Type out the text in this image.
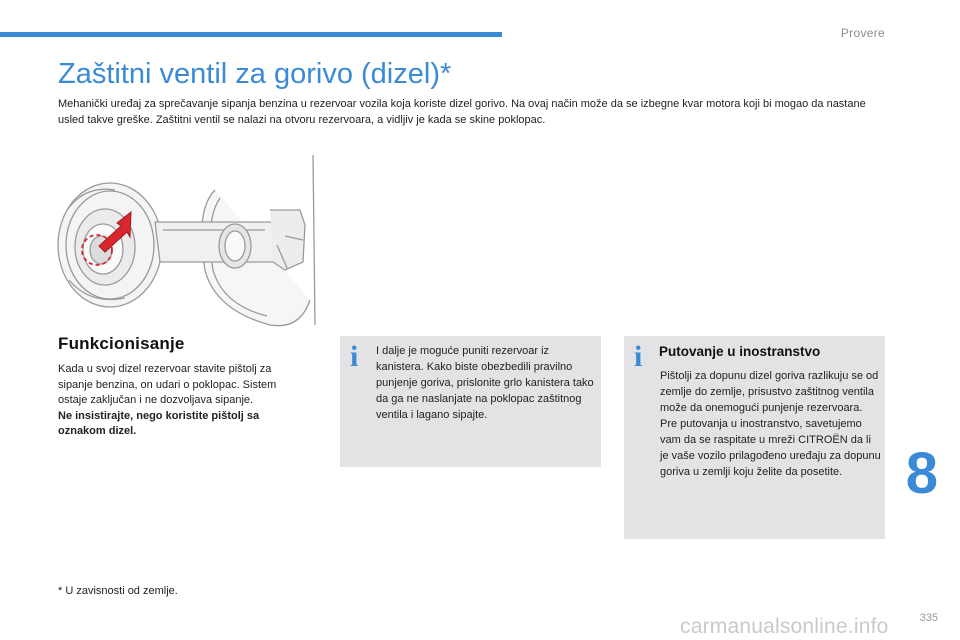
Provere
Zaštitni ventil za gorivo (dizel)*

Mehanički uređaj za sprečavanje sipanja benzina u rezervoar vozila koja koriste dizel gorivo. Na ovaj način može da se izbegne kvar motora koji bi mogao da nastane usled takve greške. Zaštitni ventil se nalazi na otvoru rezervoara, a vidljiv je kada se skine poklopac.

Funkcionisanje

Kada u svoj dizel rezervoar stavite pištolj za sipanje benzina, on udari o poklopac. Sistem ostaje zaključan i ne dozvoljava sipanje.
Ne insistirajte, nego koristite pištolj sa oznakom dizel.

i I dalje je moguće puniti rezervoar iz kanistera. Kako biste obezbedili pravilno punjenje goriva, prislonite grlo kanistera tako da ga ne naslanjate na poklopac zaštitnog ventila i lagano sipajte.

i Putovanje u inostranstvo

Pištolji za dopunu dizel goriva razlikuju se od zemlje do zemlje, prisustvo zaštitnog ventila može da onemogući punjenje rezervoara. Pre putovanja u inostranstvo, savetujemo vam da se raspitate u mreži CITROËN da li je vaše vozilo prilagođeno uređaju za dopunu goriva u zemlji koju želite da posetite.	8

* U zavisnosti od zemlje.

carmanualsonline.info	335
